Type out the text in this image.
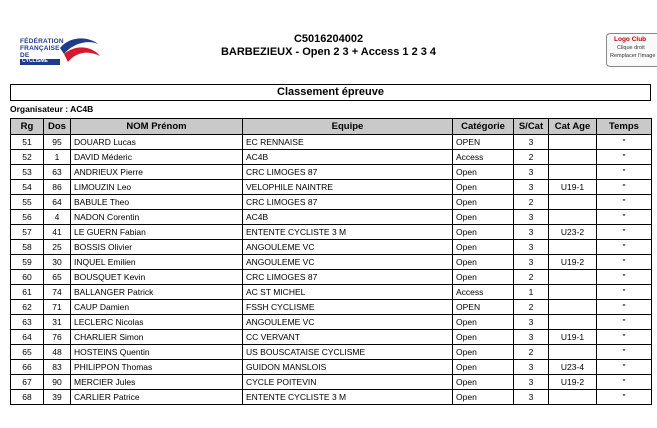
FÉDÉRATION
FRANÇAISE
DE
CYCLISME
C5016204002
BARBEZIEUX - Open 2 3 + Access 1 2 3 4
Logo Club
Clique droit
Remplacer l'image
Classement épreuve
Organisateur : AC4B
Rg	Dos	NOM Prénom	Equipe	Catégorie	S/Cat	Cat Age	Temps
51	95	DOUARD Lucas	EC RENNAISE	OPEN	3		"
52	1	DAVID Méderic	AC4B	Access	2		"
53	63	ANDRIEUX Pierre	CRC LIMOGES 87	Open	3		"
54	86	LIMOUZIN Leo	VELOPHILE NAINTRE	Open	3	U19-1	"
55	64	BABULE Theo	CRC LIMOGES 87	Open	2		"
56	4	NADON Corentin	AC4B	Open	3		"
57	41	LE GUERN Fabian	ENTENTE CYCLISTE 3 M	Open	3	U23-2	"
58	25	BOSSIS Olivier	ANGOULEME VC	Open	3		"
59	30	INQUEL Emilien	ANGOULEME VC	Open	3	U19-2	"
60	65	BOUSQUET Kevin	CRC LIMOGES 87	Open	2		"
61	74	BALLANGER Patrick	AC ST MICHEL	Access	1		"
62	71	CAUP Damien	FSSH CYCLISME	OPEN	2		"
63	31	LECLERC Nicolas	ANGOULEME VC	Open	3		"
64	76	CHARLIER Simon	CC VERVANT	Open	3	U19-1	"
65	48	HOSTEINS Quentin	US BOUSCATAISE CYCLISME	Open	2		"
66	83	PHILIPPON Thomas	GUIDON MANSLOIS	Open	3	U23-4	"
67	90	MERCIER Jules	CYCLE POITEVIN	Open	3	U19-2	"
68	39	CARLIER Patrice	ENTENTE CYCLISTE 3 M	Open	3		"
